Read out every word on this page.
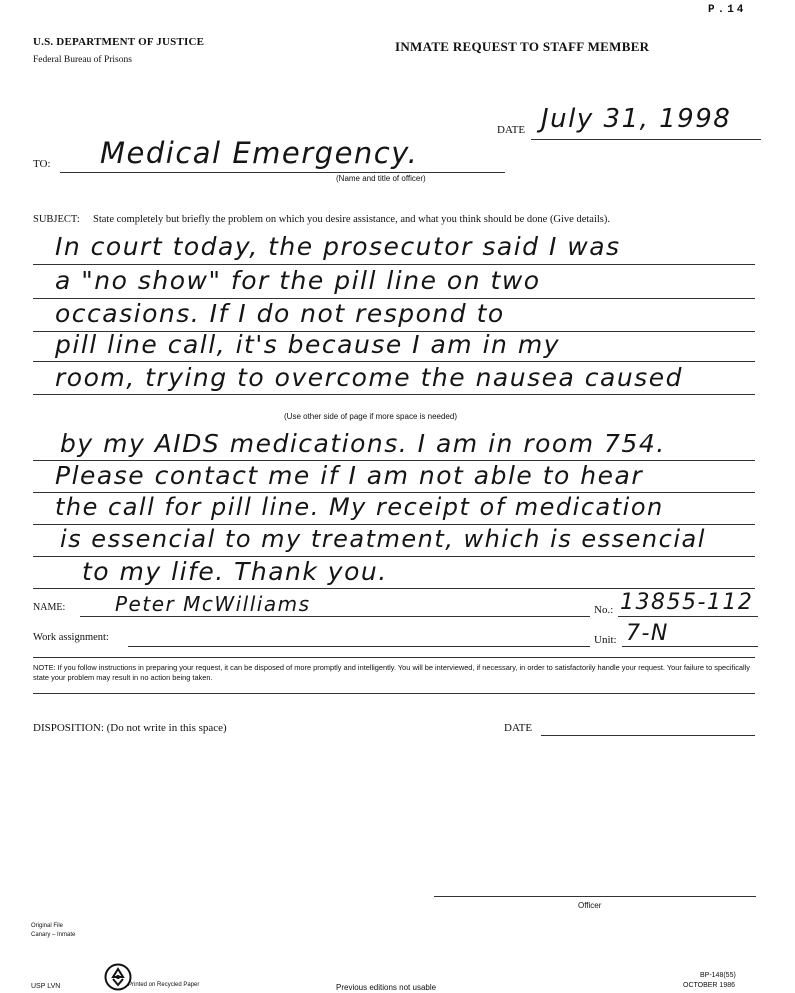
P.14
U.S. DEPARTMENT OF JUSTICE
Federal Bureau of Prisons
INMATE REQUEST TO STAFF MEMBER
DATE July 31, 1998
TO: Medical Emergency.
(Name and title of officer)
SUBJECT: State completely but briefly the problem on which you desire assistance, and what you think should be done (Give details).
In court today, the prosecutor said I was
a "no show" for the pill line on two
occasions. If I do not respond to
pill line call, it's because I am in my
room, trying to overcome the nausea caused
(Use other side of page if more space is needed)
by my AIDS medications. I am in room 754.
Please contact me if I am not able to hear
the call for pill line. My receipt of medication
is essencial to my treatment, which is essencial
to my life. Thank you.
NAME: Peter McWilliams	No.: 13855-112
Work assignment:	Unit: 7-N
NOTE: If you follow instructions in preparing your request, it can be disposed of more promptly and intelligently. You will be interviewed, if necessary, in order to satisfactorily handle your request. Your failure to specifically state your problem may result in no action being taken.
DISPOSITION: (Do not write in this space)	DATE
Officer
Original File
Canary – Inmate
USP LVN	Printed on Recycled Paper	Previous editions not usable
BP-148(55)
OCTOBER 1986
